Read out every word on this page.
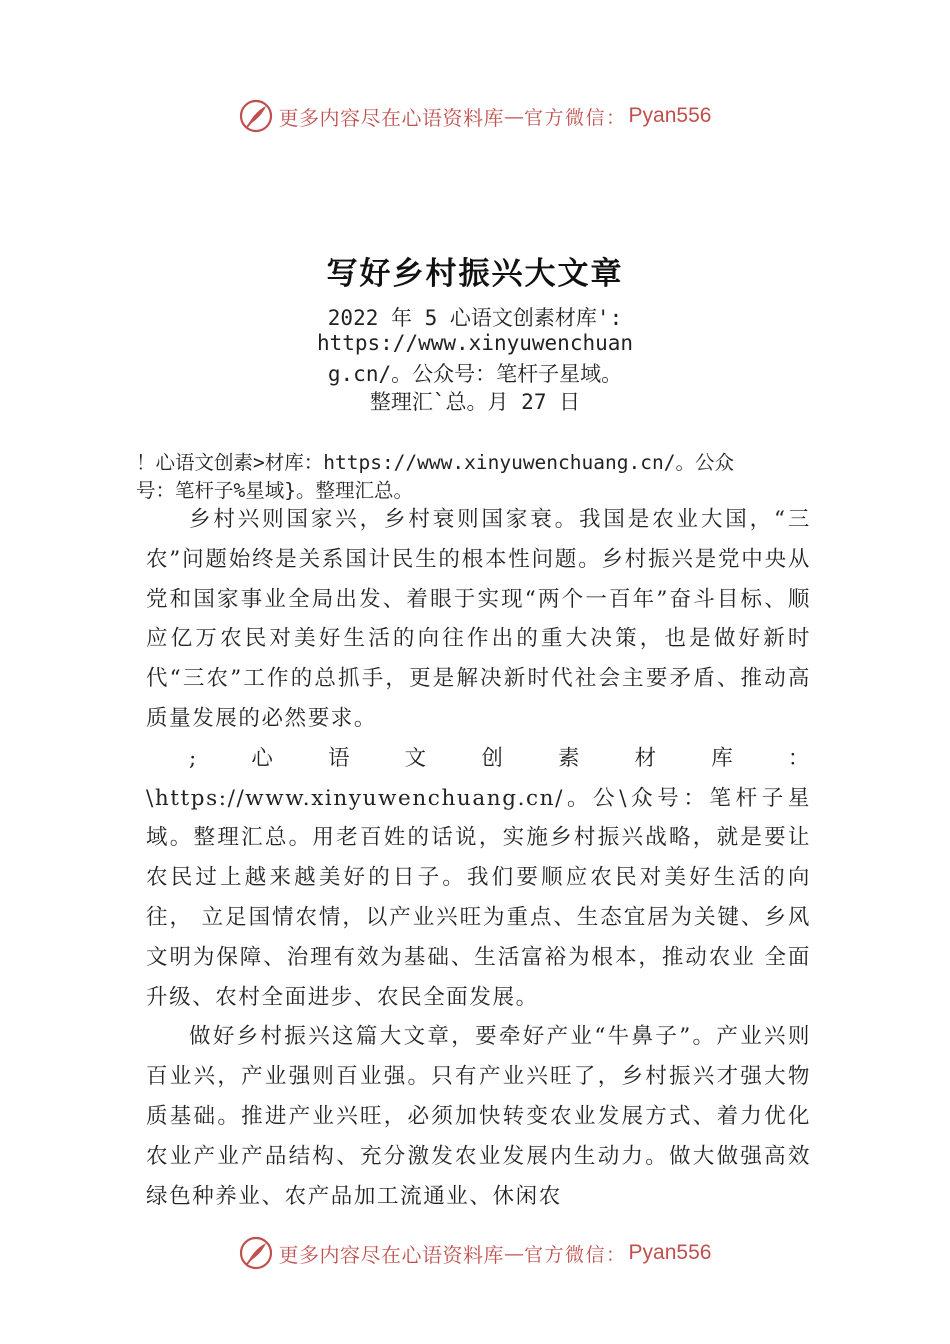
更多内容尽在心语资料库 — 官方微信： Pyan556
写好乡村振兴大文章
2022 年 5 心语文创素材库':
https://www.xinyuwenchuan
g.cn/。公众号：笔杆子星域。
整理汇`总。月 27 日
！心语文创素>材库：https://www.xinyuwenchuang.cn/。公众
号：笔杆子%星域}。整理汇总。

乡村兴则国家兴，乡村衰则国家衰。我国是农业大国，“三农”问题始终是关系国计民生的根本性问题。乡村振兴是党中央从党和国家事业全局出发、着眼于实现“两个一百年”奋斗目标、顺应亿万农民对美好生活的向往作出的重大决策，也是做好新时代“三农”工作的总抓手，更是解决新时代社会主要矛盾、推动高质量发展的必然要求。

;心语文创素材库：\https://www.xinyuwenchuang.cn/。公\众号：笔杆子星域。整理汇总。用老百姓的话说，实施乡村振兴战略，就是要让农民过上越来越美好的日子。我们要顺应农民对美好生活的向往， 立足国情农情，以产业兴旺为重点、生态宜居为关键、乡风 文明为保障、治理有效为基础、生活富裕为根本，推动农业 全面升级、农村全面进步、农民全面发展。

做好乡村振兴这篇大文章，要牵好产业“牛鼻子”。产业兴则百业兴，产业强则百业强。只有产业兴旺了，乡村振兴才强大物质基础。推进产业兴旺，必须加快转变农业发展方式、着力优化农业产业产品结构、充分激发农业发展内生动力。做大做强高效绿色种养业、农产品加工流通业、休闲农

更多内容尽在心语资料库 — 官方微信： Pyan556
